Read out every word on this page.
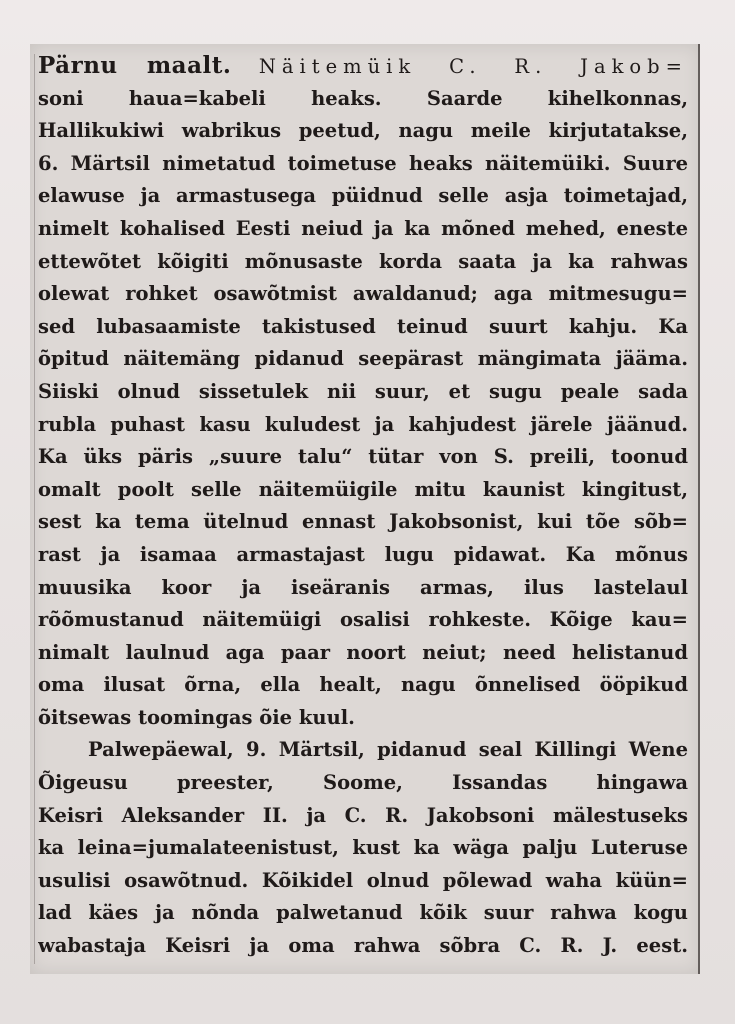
Pärnu maalt. Näitemüik C. R. Jakob=
soni haua=kabeli heaks. Saarde kihelkonnas,
Hallikukiwi wabrikus peetud, nagu meile kirjutatakse,
6. Märtsil nimetatud toimetuse heaks näitemüiki. Suure
elawuse ja armastusega püidnud selle asja toimetajad,
nimelt kohalised Eesti neiud ja ka mõned mehed, eneste
ettewõtet kõigiti mõnusaste korda saata ja ka rahwas
olewat rohket osawõtmist awaldanud; aga mitmesugu=
sed lubasaamiste takistused teinud suurt kahju. Ka
õpitud näitemäng pidanud seepärast mängimata jääma.
Siiski olnud sissetulek nii suur, et sugu peale sada
rubla puhast kasu kuludest ja kahjudest järele jäänud.
Ka üks päris „suure talu“ tütar von S. preili, toonud
omalt poolt selle näitemüigile mitu kaunist kingitust,
sest ka tema ütelnud ennast Jakobsonist, kui tõe sõb=
rast ja isamaa armastajast lugu pidawat. Ka mõnus
muusika koor ja iseäranis armas, ilus lastelaul
rõõmustanud näitemüigi osalisi rohkeste. Kõige kau=
nimalt laulnud aga paar noort neiut; need helistanud
oma ilusat õrna, ella healt, nagu õnnelised ööpikud
õitsewas toomingas õie kuul.
Palwepäewal, 9. Märtsil, pidanud seal Killingi Wene
Õigeusu preester, Soome, Issandas hingawa
Keisri Aleksander II. ja C. R. Jakobsoni mälestuseks
ka leina=jumalateenistust, kust ka wäga palju Luteruse
usulisi osawõtnud. Kõikidel olnud põlewad waha küün=
lad käes ja nõnda palwetanud kõik suur rahwa kogu
wabastaja Keisri ja oma rahwa sõbra C. R. J. eest.
